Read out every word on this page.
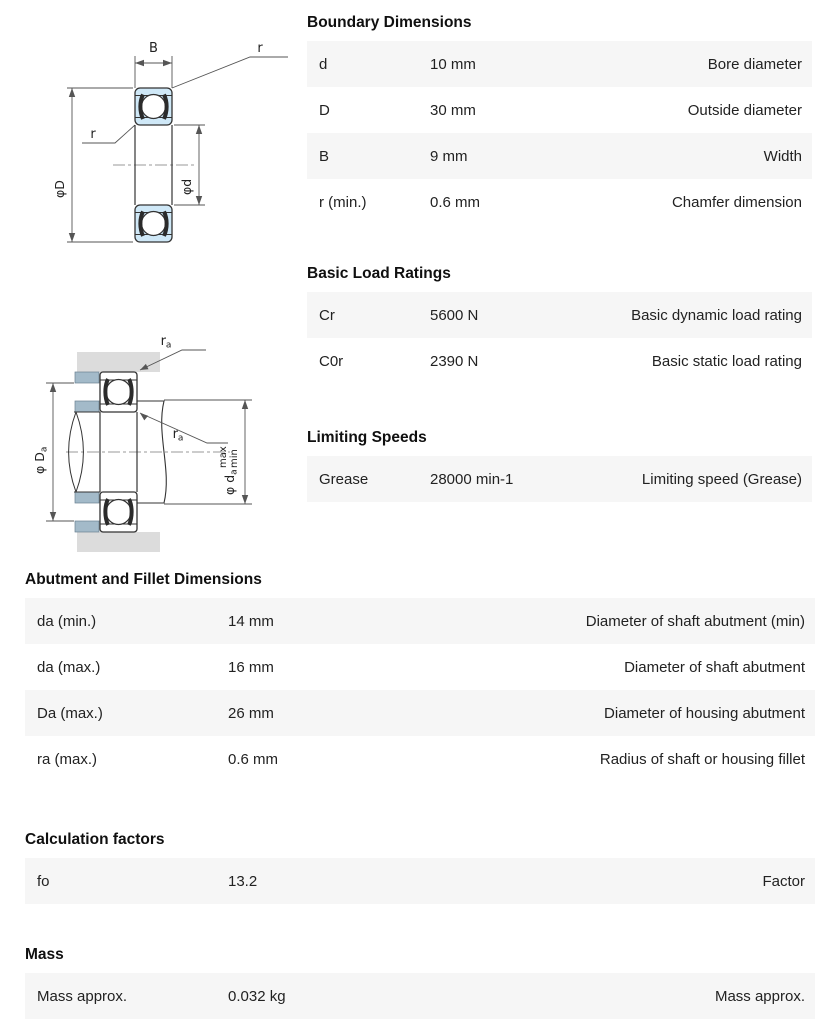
B	r
r
φD	φd
ra
ra
φ $D_a$
φ $d_a$
max min
Boundary Dimensions
d	10 mm	Bore diameter
D	30 mm	Outside diameter
B	9 mm	Width
r (min.)	0.6 mm	Chamfer dimension
Basic Load Ratings
Cr	5600 N	Basic dynamic load rating
C0r	2390 N	Basic static load rating
Limiting Speeds
Grease	28000 min-1	Limiting speed (Grease)
Abutment and Fillet Dimensions
da (min.)	14 mm	Diameter of shaft abutment (min)
da (max.)	16 mm	Diameter of shaft abutment
Da (max.)	26 mm	Diameter of housing abutment
ra (max.)	0.6 mm	Radius of shaft or housing fillet
Calculation factors
fo	13.2	Factor
Mass
Mass approx.	0.032 kg	Mass approx.
